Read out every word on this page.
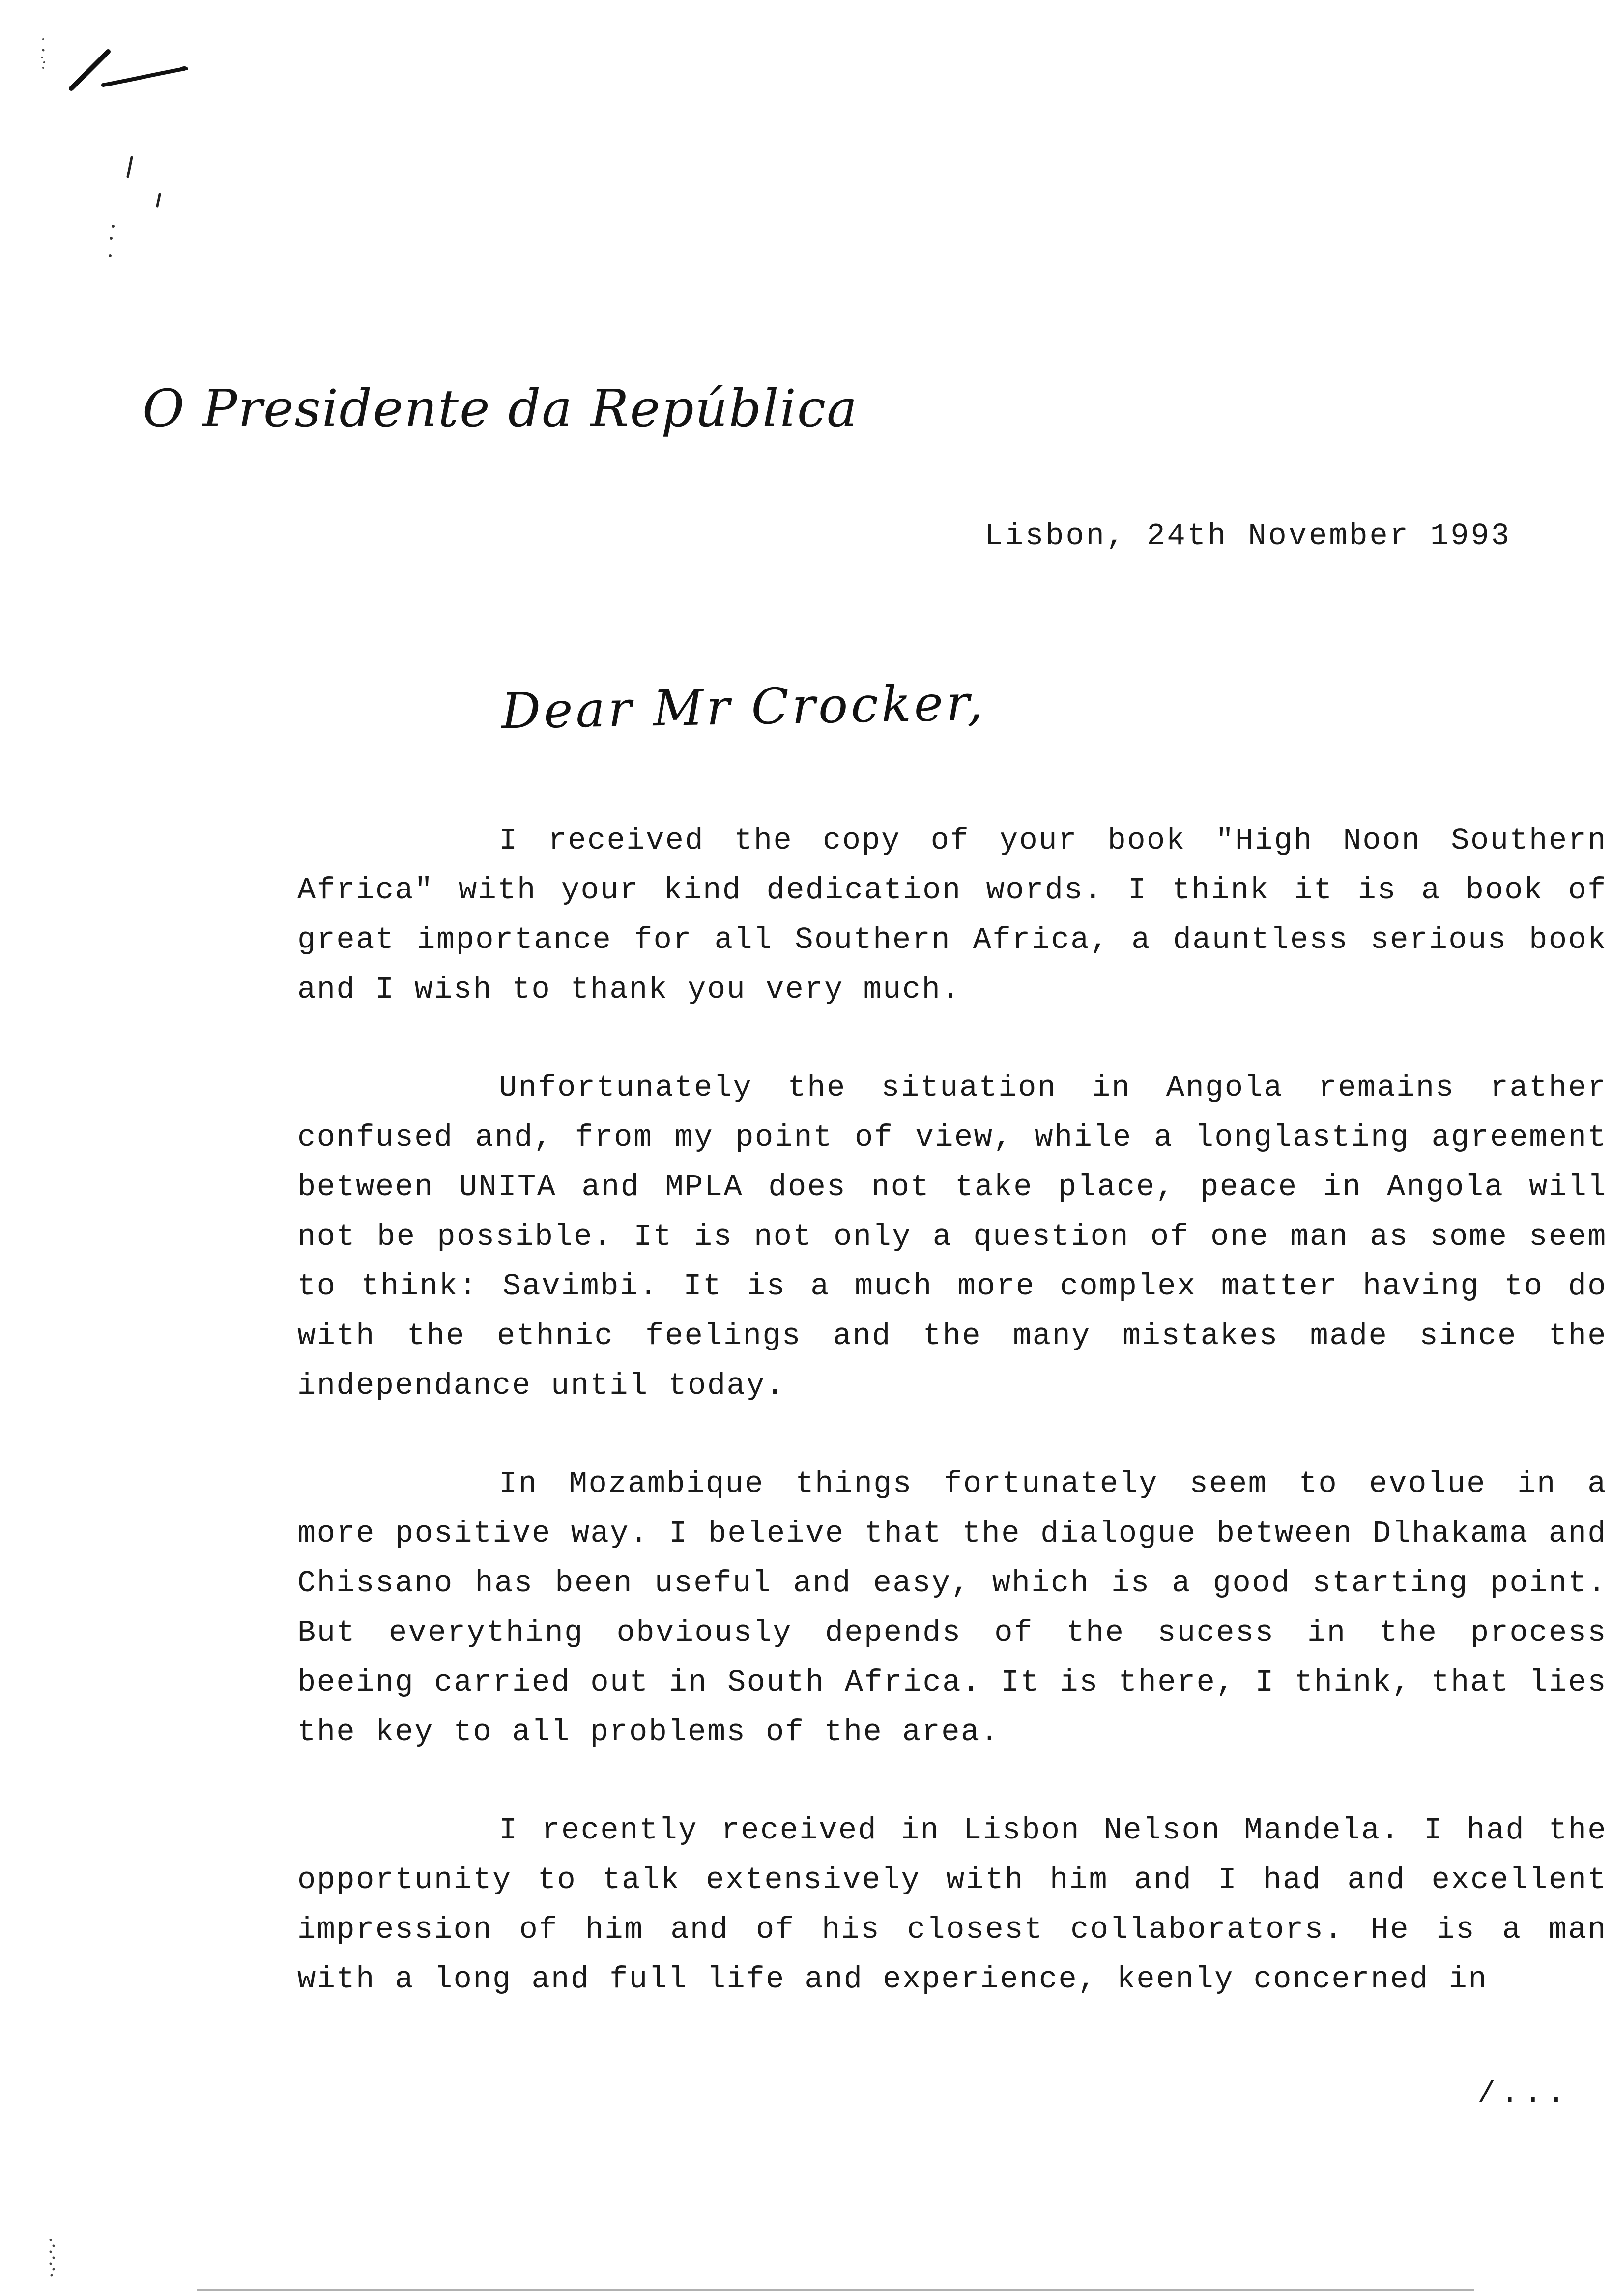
O Presidente da República
Lisbon, 24th November 1993
Dear Mr Crocker,

I received the copy of your book "High Noon Southern Africa" with your kind dedication words. I think it is a book of great importance for all Southern Africa, a dauntless serious book and I wish to thank you very much.

Unfortunately the situation in Angola remains rather confused and, from my point of view, while a longlasting agreement between UNITA and MPLA does not take place, peace in Angola will not be possible. It is not only a question of one man as some seem to think: Savimbi. It is a much more complex matter having to do with the ethnic feelings and the many mistakes made since the independance until today.

In Mozambique things fortunately seem to evolue in a more positive way. I beleive that the dialogue between Dlhakama and Chissano has been useful and easy, which is a good starting point. But everything obviously depends of the sucess in the process beeing carried out in South Africa. It is there, I think, that lies the key to all problems of the area.

I recently received in Lisbon Nelson Mandela. I had the opportunity to talk extensively with him and I had and excellent impression of him and of his closest collaborators. He is a man with a long and full life and experience, keenly concerned in

/...
